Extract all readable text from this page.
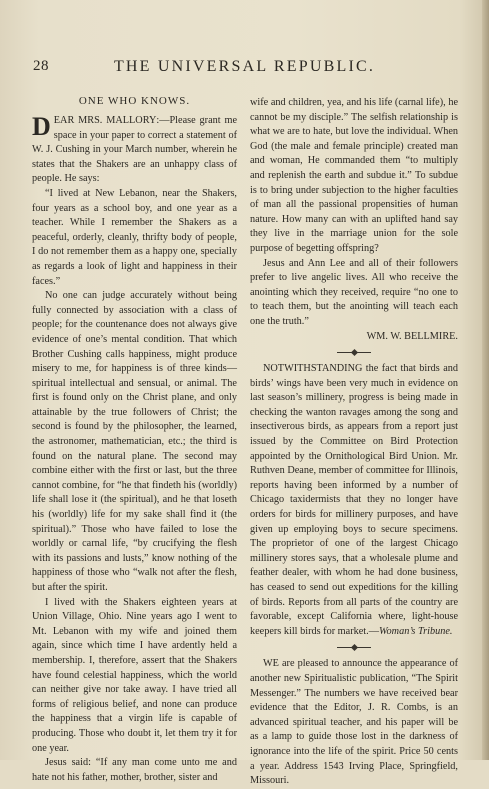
THE UNIVERSAL REPUBLIC.
28
ONE WHO KNOWS.

DEAR MRS. MALLORY:—Please grant me space in your paper to correct a statement of W. J. Cushing in your March number, wherein he states that the Shakers are an unhappy class of people. He says:

“I lived at New Lebanon, near the Shakers, four years as a school boy, and one year as a teacher. While I remember the Shakers as a peaceful, orderly, cleanly, thrifty body of people, I do not remember them as a happy one, specially as regards a look of light and happiness in their faces.”

No one can judge accurately without being fully connected by association with a class of people; for the countenance does not always give evidence of one’s mental condition. That which Brother Cushing calls happiness, might produce misery to me, for happiness is of three kinds—spiritual intellectual and sensual, or animal. The first is found only on the Christ plane, and only attainable by the true followers of Christ; the second is found by the philosopher, the learned, the astronomer, mathematician, etc.; the third is found on the natural plane. The second may combine either with the first or last, but the three cannot combine, for “he that findeth his (worldly) life shall lose it (the spiritual), and he that loseth his (worldly) life for my sake shall find it (the spiritual).” Those who have failed to lose the worldly or carnal life, “by crucifying the flesh with its passions and lusts,” know nothing of the happiness of those who “walk not after the flesh, but after the spirit.

I lived with the Shakers eighteen years at Union Village, Ohio. Nine years ago I went to Mt. Lebanon with my wife and joined them again, since which time I have ardently held a membership. I, therefore, assert that the Shakers have found celestial happiness, which the world can neither give nor take away. I have tried all forms of religious belief, and none can produce the happiness that a virgin life is capable of producing. Those who doubt it, let them try it for one year.

Jesus said: “If any man come unto me and hate not his father, mother, brother, sister and

wife and children, yea, and his life (carnal life), he cannot be my disciple.” The selfish relationship is what we are to hate, but love the individual. When God (the male and female principle) created man and woman, He commanded them “to multiply and replenish the earth and subdue it.” To subdue is to bring under subjection to the higher faculties of man all the passional propensities of human nature. How many can with an uplifted hand say they live in the marriage union for the sole purpose of begetting offspring?

Jesus and Ann Lee and all of their followers prefer to live angelic lives. All who receive the anointing which they received, require “no one to to teach them, but the anointing will teach each one the truth.”

WM. W. BELLMIRE.

NOTWITHSTANDING the fact that birds and birds’ wings have been very much in evidence on last season’s millinery, progress is being made in checking the wanton ravages among the song and insectiverous birds, as appears from a report just issued by the Committee on Bird Protection appointed by the Ornithological Bird Union. Mr. Ruthven Deane, member of committee for Illinois, reports having been informed by a number of Chicago taxidermists that they no longer have orders for birds for millinery purposes, and have given up employing boys to secure specimens. The proprietor of one of the largest Chicago millinery stores says, that a wholesale plume and feather dealer, with whom he had done business, has ceased to send out expeditions for the killing of birds. Reports from all parts of the country are favorable, except California where, light-house keepers kill birds for market.—Woman’s Tribune.

WE are pleased to announce the appearance of another new Spiritualistic publication, “The Spirit Messenger.” The numbers we have received bear evidence that the Editor, J. R. Combs, is an advanced spiritual teacher, and his paper will be as a lamp to guide those lost in the darkness of ignorance into the life of the spirit. Price 50 cents a year. Address 1543 Irving Place, Springfield, Missouri.
